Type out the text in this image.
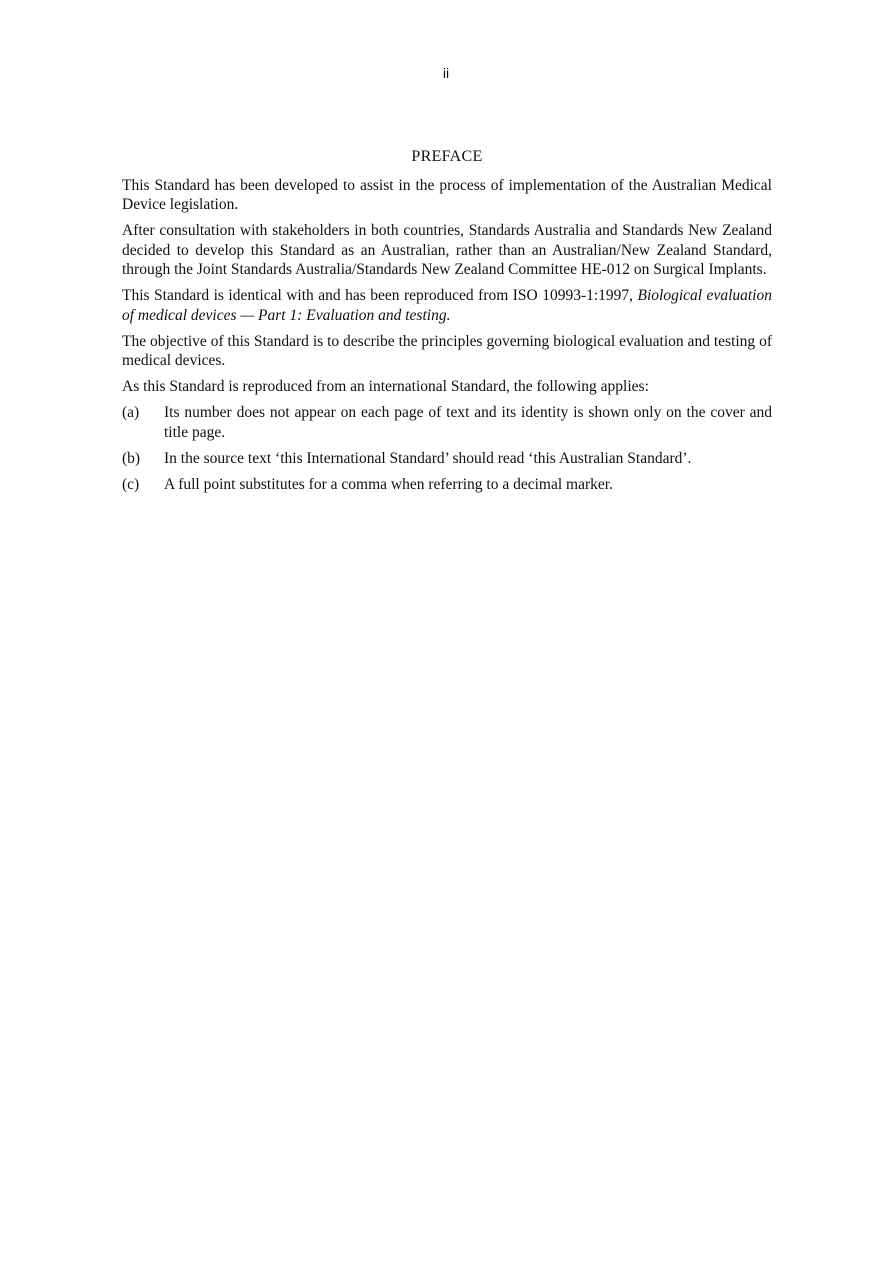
ii
PREFACE

This Standard has been developed to assist in the process of implementation of the Australian Medical Device legislation.

After consultation with stakeholders in both countries, Standards Australia and Standards New Zealand decided to develop this Standard as an Australian, rather than an Australian/New Zealand Standard, through the Joint Standards Australia/Standards New Zealand Committee HE-012 on Surgical Implants.

This Standard is identical with and has been reproduced from ISO 10993-1:1997, Biological evaluation of medical devices — Part 1: Evaluation and testing.

The objective of this Standard is to describe the principles governing biological evaluation and testing of medical devices.

As this Standard is reproduced from an international Standard, the following applies:

(a)	Its number does not appear on each page of text and its identity is shown only on the cover and title page.
(b)	In the source text ‘this International Standard’ should read ‘this Australian Standard’.
(c)	A full point substitutes for a comma when referring to a decimal marker.
